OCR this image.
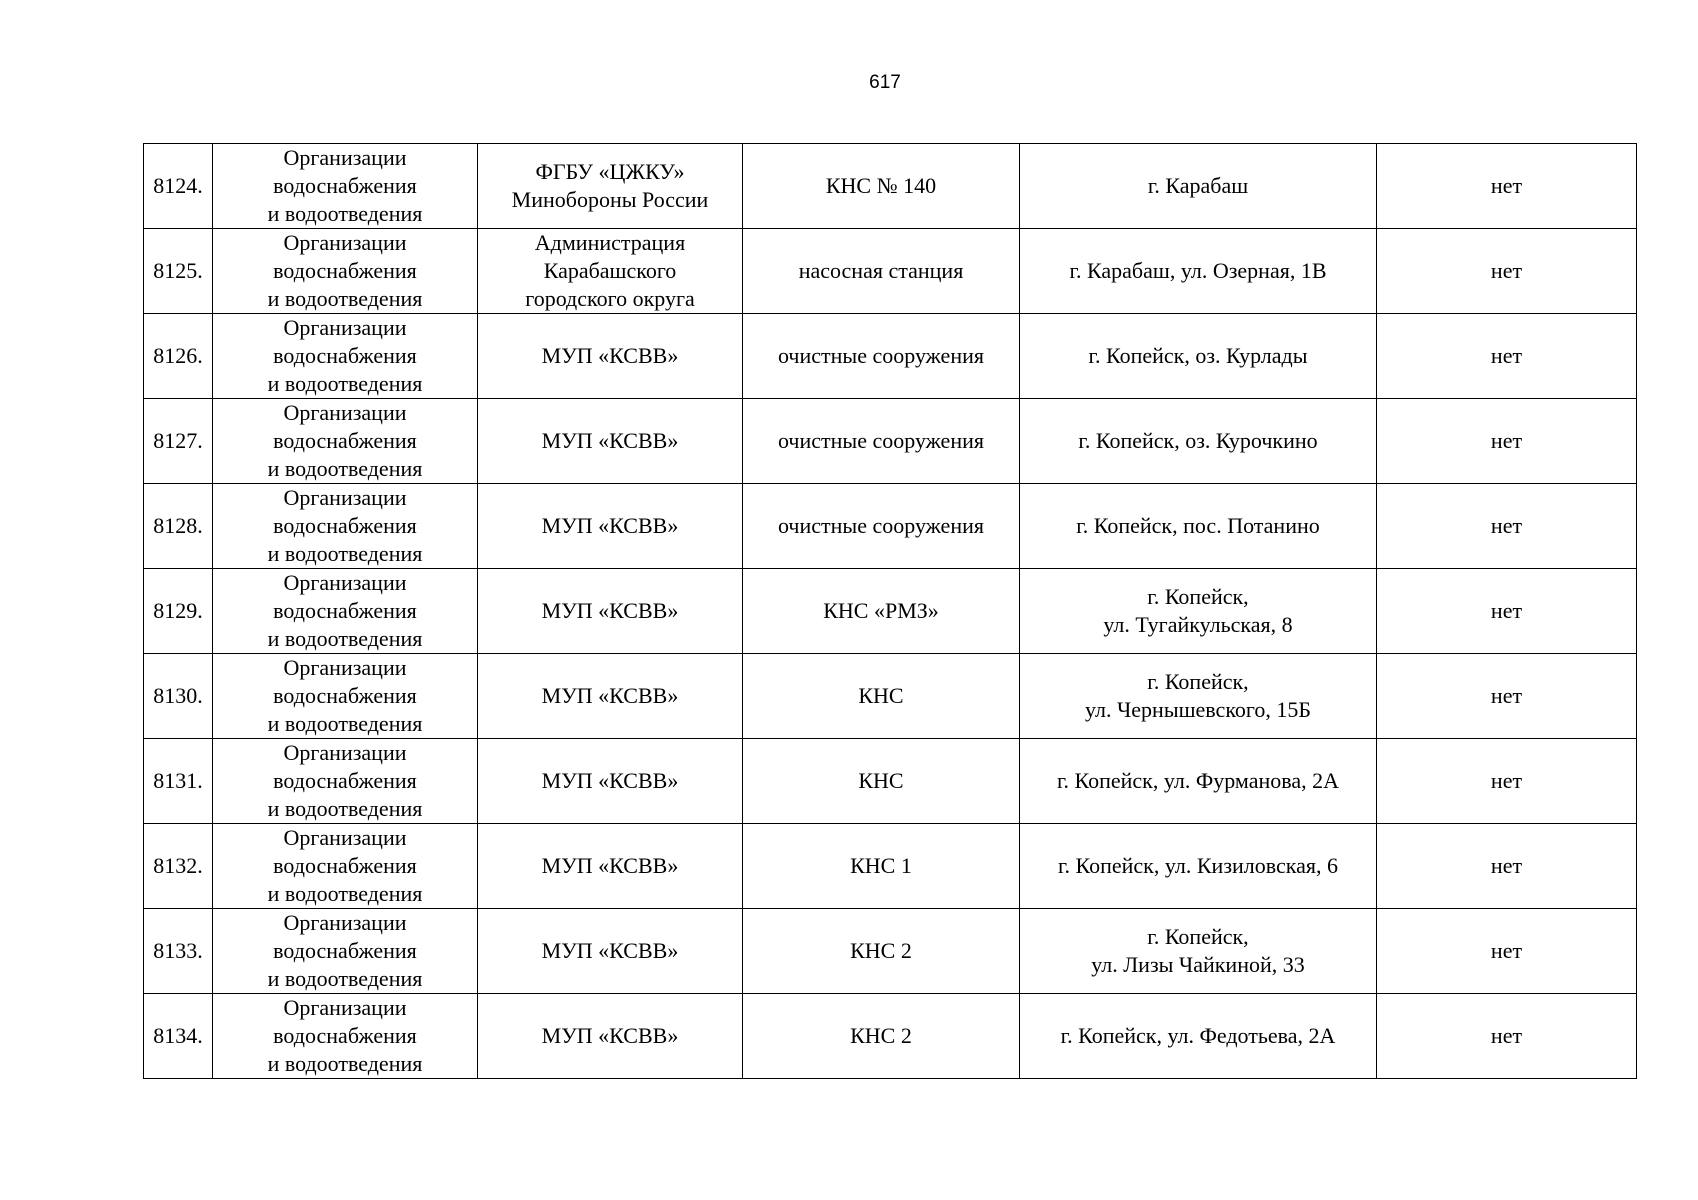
617
8124.	Организации
водоснабжения
и водоотведения	ФГБУ «ЦЖКУ»
Минобороны России	КНС № 140	г. Карабаш	нет
8125.	Организации
водоснабжения
и водоотведения	Администрация
Карабашского
городского округа	насосная станция	г. Карабаш, ул. Озерная, 1В	нет
8126.	Организации
водоснабжения
и водоотведения	МУП «КСВВ»	очистные сооружения	г. Копейск, оз. Курлады	нет
8127.	Организации
водоснабжения
и водоотведения	МУП «КСВВ»	очистные сооружения	г. Копейск, оз. Курочкино	нет
8128.	Организации
водоснабжения
и водоотведения	МУП «КСВВ»	очистные сооружения	г. Копейск, пос. Потанино	нет
8129.	Организации
водоснабжения
и водоотведения	МУП «КСВВ»	КНС «РМЗ»	г. Копейск,
ул. Тугайкульская, 8	нет
8130.	Организации
водоснабжения
и водоотведения	МУП «КСВВ»	КНС	г. Копейск,
ул. Чернышевского, 15Б	нет
8131.	Организации
водоснабжения
и водоотведения	МУП «КСВВ»	КНС	г. Копейск, ул. Фурманова, 2А	нет
8132.	Организации
водоснабжения
и водоотведения	МУП «КСВВ»	КНС 1	г. Копейск, ул. Кизиловская, 6	нет
8133.	Организации
водоснабжения
и водоотведения	МУП «КСВВ»	КНС 2	г. Копейск,
ул. Лизы Чайкиной, 33	нет
8134.	Организации
водоснабжения
и водоотведения	МУП «КСВВ»	КНС 2	г. Копейск, ул. Федотьева, 2А	нет
